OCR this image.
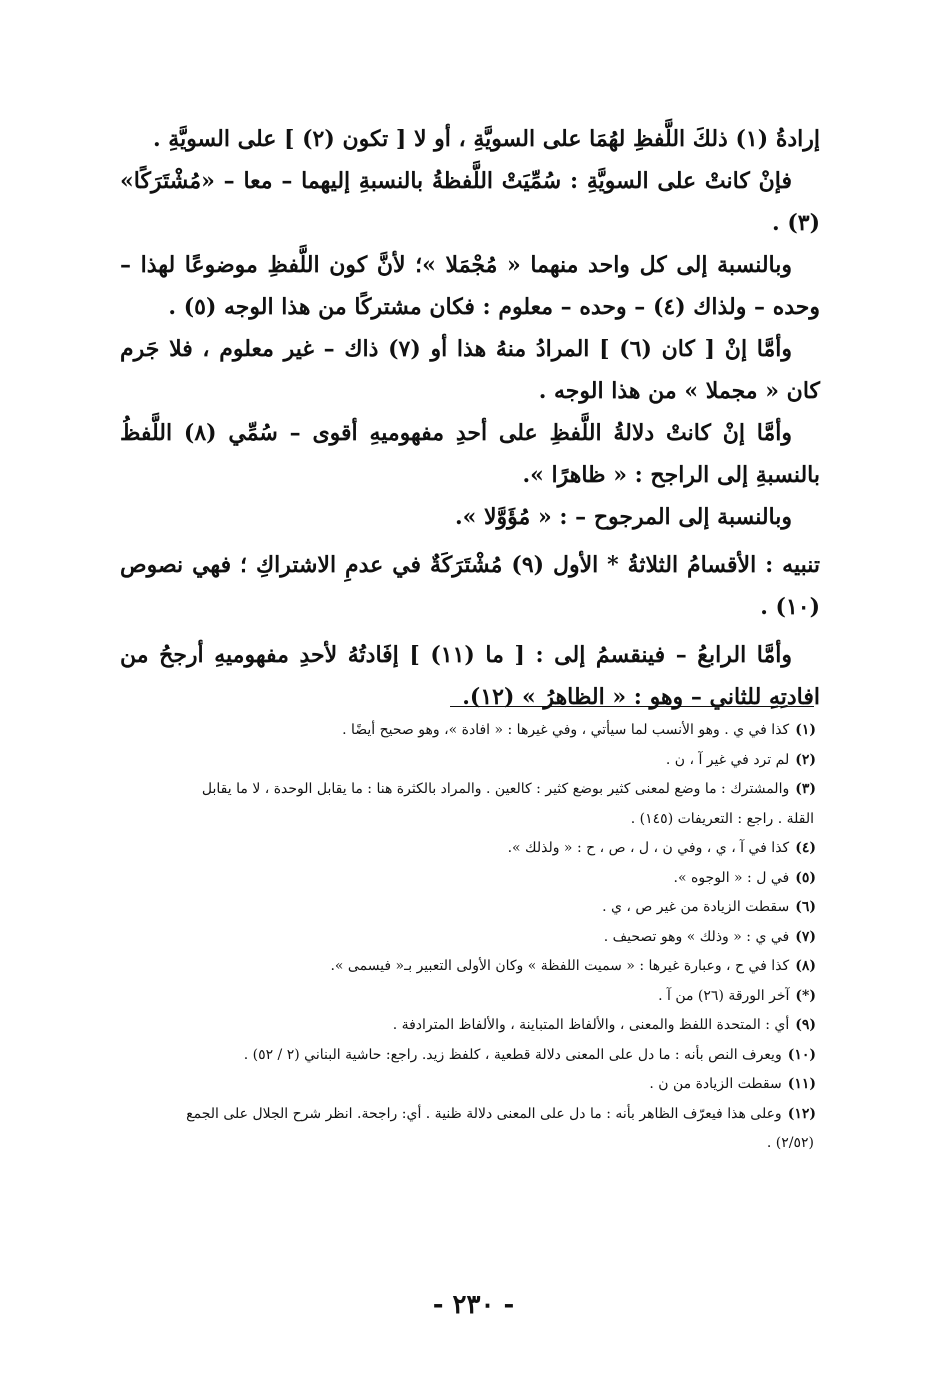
إرادةُ (١) ذلكَ اللَّفظِ لهُمَا على السويَّةِ ، أو لا [ تكون (٢) ] على السويَّةِ .

فإنْ كانتْ على السويَّةِ : سُمِّيَتْ اللَّفظةُ بالنسبةِ إليهما – معا – «مُشْتَرَكًا» (٣) .

وبالنسبة إلى كل واحد منهما « مُجْمَلا »؛ لأنَّ كون اللَّفظِ موضوعًا لهذا – وحده – ولذاك (٤) – وحده – معلوم : فكان مشتركًا من هذا الوجه (٥) .

وأمَّا إنْ [ كان (٦) ] المرادُ منهُ هذا أو (٧) ذاك – غير معلوم ، فلا جَرم كان « مجملا » من هذا الوجه .

وأمَّا إنْ كانتْ دلالةُ اللَّفظِ على أحدِ مفهوميهِ أقوى – سُمِّي (٨) اللَّفظُ بالنسبةِ إلى الراجح : « ظاهرًا ».

وبالنسبة إلى المرجوح – : « مُؤَوَّلا ».

تنبيه : الأقسامُ الثلاثةُ * الأول (٩) مُشْتَرَكَةٌ في عدمِ الاشتراكِ ؛ فهي نصوص (١٠) .

وأمَّا الرابعُ – فينقسمُ إلى : [ ما (١١) ] إفَادتُهُ لأحدِ مفهوميهِ أرجحُ من افادتِهِ للثاني – وهو : « الظاهرُ » (١٢).

(١)كذا في ي . وهو الأنسب لما سيأتي ، وفي غيرها : « افادة »، وهو صحيح أيضًا .

(٢)لم ترد في غير آ ، ن .

(٣)والمشترك : ما وضع لمعنى كثير بوضع كثير : كالعين . والمراد بالكثرة هنا : ما يقابل الوحدة ، لا ما يقابل

القلة . راجع : التعريفات (١٤٥) .

(٤)كذا في آ ، ي ، وفي ن ، ل ، ص ، ح : « ولذلك ».

(٥)في ل : « الوجوه ».

(٦)سقطت الزيادة من غير ص ، ي .

(٧)في ي : « وذلك » وهو تصحيف .

(٨)كذا في ح ، وعبارة غيرها : « سميت اللفظة » وكان الأولى التعبير بـ« فيسمى ».

(*)آخر الورقة (٢٦) من آ .

(٩)أي : المتحدة اللفظ والمعنى ، والألفاظ المتباينة ، والألفاظ المترادفة .

(١٠)ويعرف النص بأنه : ما دل على المعنى دلالة قطعية ، كلفظ زيد. راجع: حاشية البناني (٢ / ٥٢) .

(١١)سقطت الزيادة من ن .

(١٢)وعلى هذا فيعرّف الظاهر بأنه : ما دل على المعنى دلالة ظنية . أي: راجحة. انظر شرح الجلال على الجمع

(٢/٥٢) .

- ٢٣٠ -
